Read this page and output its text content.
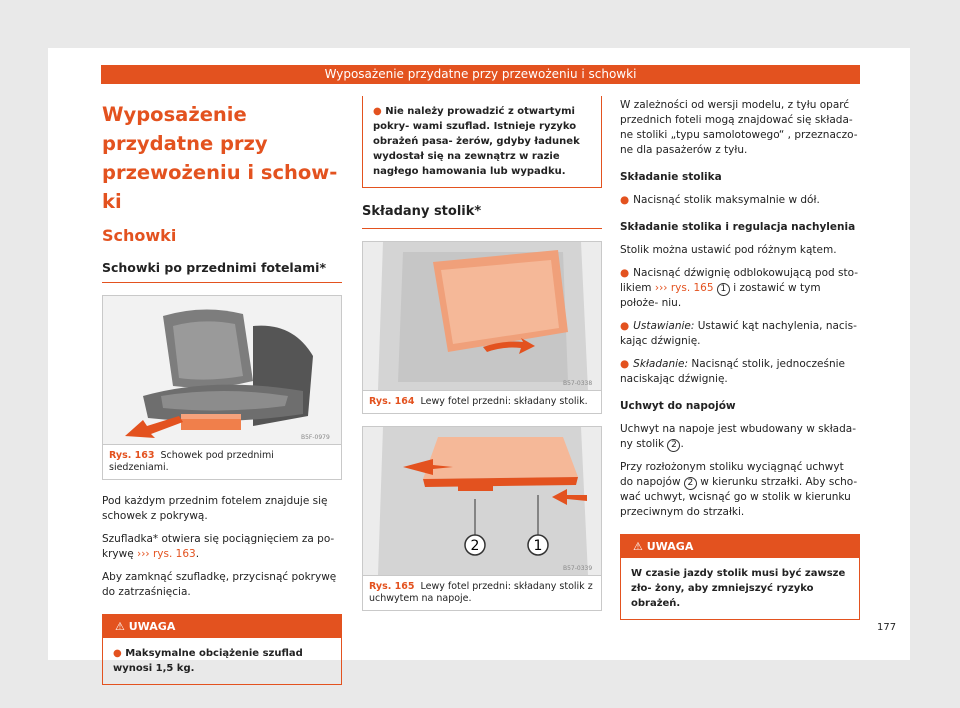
Wyposażenie przydatne przy przewożeniu i schowki
Wyposażenie przydatne przy przewożeniu i schow- ki
Schowki
Schowki po przednimi fotelami*
B5F-0979
Rys. 163 Schowek pod przednimi siedzeniami.

Pod każdym przednim fotelem znajduje się schowek z pokrywą.

Szufladka* otwiera się pociągnięciem za po- krywę ››› rys. 163.

Aby zamknąć szufladkę, przycisnąć pokrywę do zatrzaśnięcia.

⚠ UWAGA
● Maksymalne obciążenie szuflad wynosi 1,5 kg.
● Nie należy prowadzić z otwartymi pokry- wami szuflad. Istnieje ryzyko obrażeń pasa- żerów, gdyby ładunek wydostał się na zewnątrz w razie nagłego hamowania lub wypadku.
Składany stolik*
B57-0338
Rys. 164 Lewy fotel przedni: składany stolik.
2	1
B57-0339
Rys. 165 Lewy fotel przedni: składany stolik z uchwytem na napoje.

W zależności od wersji modelu, z tyłu oparć przednich foteli mogą znajdować się składa- ne stoliki „typu samolotowego“ , przeznaczo- ne dla pasażerów z tyłu.

Składanie stolika
● Nacisnąć stolik maksymalnie w dół.
Składanie stolika i regulacja nachylenia

Stolik można ustawić pod różnym kątem.

● Nacisnąć dźwignię odblokowującą pod sto- likiem ››› rys. 165 1 i zostawić w tym położe- niu.
● Ustawianie: Ustawić kąt nachylenia, nacis- kając dźwignię.
● Składanie: Nacisnąć stolik, jednocześnie naciskając dźwignię.
Uchwyt do napojów

Uchwyt na napoje jest wbudowany w składa- ny stolik 2 .

Przy rozłożonym stoliku wyciągnąć uchwyt do napojów 2 w kierunku strzałki. Aby scho- wać uchwyt, wcisnąć go w stolik w kierunku przeciwnym do strzałki.

⚠ UWAGA
W czasie jazdy stolik musi być zawsze zło- żony, aby zmniejszyć ryzyko obrażeń.
177
